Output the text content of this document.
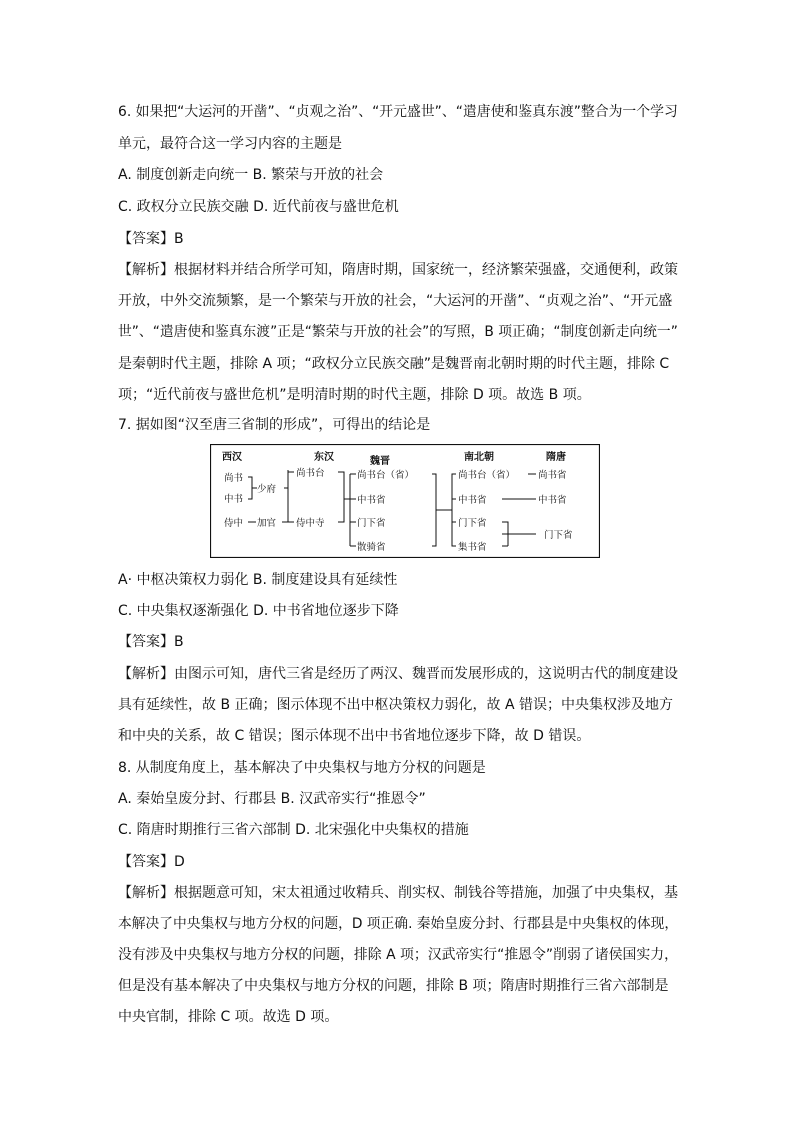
6. 如果把“大运河的开凿”、“贞观之治”、“开元盛世”、“遣唐使和鉴真东渡”整合为一个学习
单元，最符合这一学习内容的主题是
A. 制度创新走向统一 B. 繁荣与开放的社会
C. 政权分立民族交融 D. 近代前夜与盛世危机
【答案】B
【解析】根据材料并结合所学可知，隋唐时期，国家统一，经济繁荣强盛，交通便利，政策
开放，中外交流频繁，是一个繁荣与开放的社会，“大运河的开凿”、“贞观之治”、“开元盛
世”、“遣唐使和鉴真东渡”正是“繁荣与开放的社会”的写照，B 项正确；“制度创新走向统一”
是秦朝时代主题，排除 A 项；“政权分立民族交融”是魏晋南北朝时期的时代主题，排除 C
项；“近代前夜与盛世危机”是明清时期的时代主题，排除 D 项。故选 B 项。
7. 据如图“汉至唐三省制的形成”，可得出的结论是
西汉	东汉	魏晋	南北朝	隋唐
尚书
中书
侍中 加官
少府
尚书台
侍中寺
尚书台（省）
中书省
门下省
散骑省
尚书台（省）
中书省
门下省
集书省
尚书省
中书省
门下省
A· 中枢决策权力弱化 B. 制度建设具有延续性
C. 中央集权逐渐强化 D. 中书省地位逐步下降
【答案】B
【解析】由图示可知，唐代三省是经历了两汉、魏晋而发展形成的，这说明古代的制度建设
具有延续性，故 B 正确；图示体现不出中枢决策权力弱化，故 A 错误；中央集权涉及地方
和中央的关系，故 C 错误；图示体现不出中书省地位逐步下降，故 D 错误。
8. 从制度角度上，基本解决了中央集权与地方分权的问题是
A. 秦始皇废分封、行郡县 B. 汉武帝实行“推恩令”
C. 隋唐时期推行三省六部制 D. 北宋强化中央集权的措施
【答案】D
【解析】根据题意可知，宋太祖通过收精兵、削实权、制钱谷等措施，加强了中央集权，基
本解决了中央集权与地方分权的问题，D 项正确. 秦始皇废分封、行郡县是中央集权的体现，
没有涉及中央集权与地方分权的问题，排除 A 项；汉武帝实行“推恩令”削弱了诸侯国实力，
但是没有基本解决了中央集权与地方分权的问题，排除 B 项；隋唐时期推行三省六部制是
中央官制，排除 C 项。故选 D 项。
